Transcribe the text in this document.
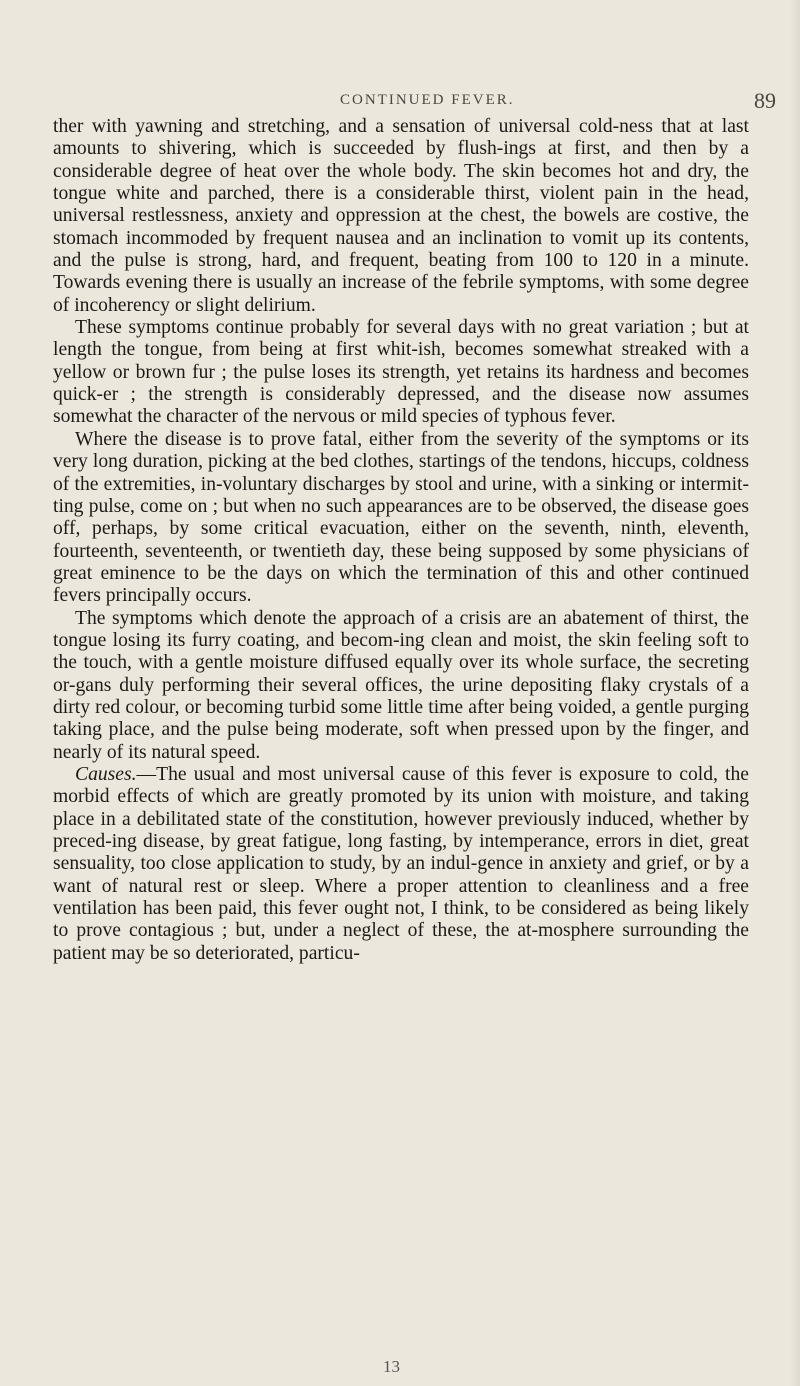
CONTINUED FEVER.	89

ther with yawning and stretching, and a sensation of universal cold-ness that at last amounts to shivering, which is succeeded by flush-ings at first, and then by a considerable degree of heat over the whole body. The skin becomes hot and dry, the tongue white and parched, there is a considerable thirst, violent pain in the head, universal restlessness, anxiety and oppression at the chest, the bowels are costive, the stomach incommoded by frequent nausea and an inclination to vomit up its contents, and the pulse is strong, hard, and frequent, beating from 100 to 120 in a minute. Towards evening there is usually an increase of the febrile symptoms, with some degree of incoherency or slight delirium.

These symptoms continue probably for several days with no great variation ; but at length the tongue, from being at first whit-ish, becomes somewhat streaked with a yellow or brown fur ; the pulse loses its strength, yet retains its hardness and becomes quick-er ; the strength is considerably depressed, and the disease now assumes somewhat the character of the nervous or mild species of typhous fever.

Where the disease is to prove fatal, either from the severity of the symptoms or its very long duration, picking at the bed clothes, startings of the tendons, hiccups, coldness of the extremities, in-voluntary discharges by stool and urine, with a sinking or intermit-ting pulse, come on ; but when no such appearances are to be observed, the disease goes off, perhaps, by some critical evacuation, either on the seventh, ninth, eleventh, fourteenth, seventeenth, or twentieth day, these being supposed by some physicians of great eminence to be the days on which the termination of this and other continued fevers principally occurs.

The symptoms which denote the approach of a crisis are an abatement of thirst, the tongue losing its furry coating, and becom-ing clean and moist, the skin feeling soft to the touch, with a gentle moisture diffused equally over its whole surface, the secreting or-gans duly performing their several offices, the urine depositing flaky crystals of a dirty red colour, or becoming turbid some little time after being voided, a gentle purging taking place, and the pulse being moderate, soft when pressed upon by the finger, and nearly of its natural speed.

Causes.—The usual and most universal cause of this fever is exposure to cold, the morbid effects of which are greatly promoted by its union with moisture, and taking place in a debilitated state of the constitution, however previously induced, whether by preced-ing disease, by great fatigue, long fasting, by intemperance, errors in diet, great sensuality, too close application to study, by an indul-gence in anxiety and grief, or by a want of natural rest or sleep. Where a proper attention to cleanliness and a free ventilation has been paid, this fever ought not, I think, to be considered as being likely to prove contagious ; but, under a neglect of these, the at-mosphere surrounding the patient may be so deteriorated, particu-

13
